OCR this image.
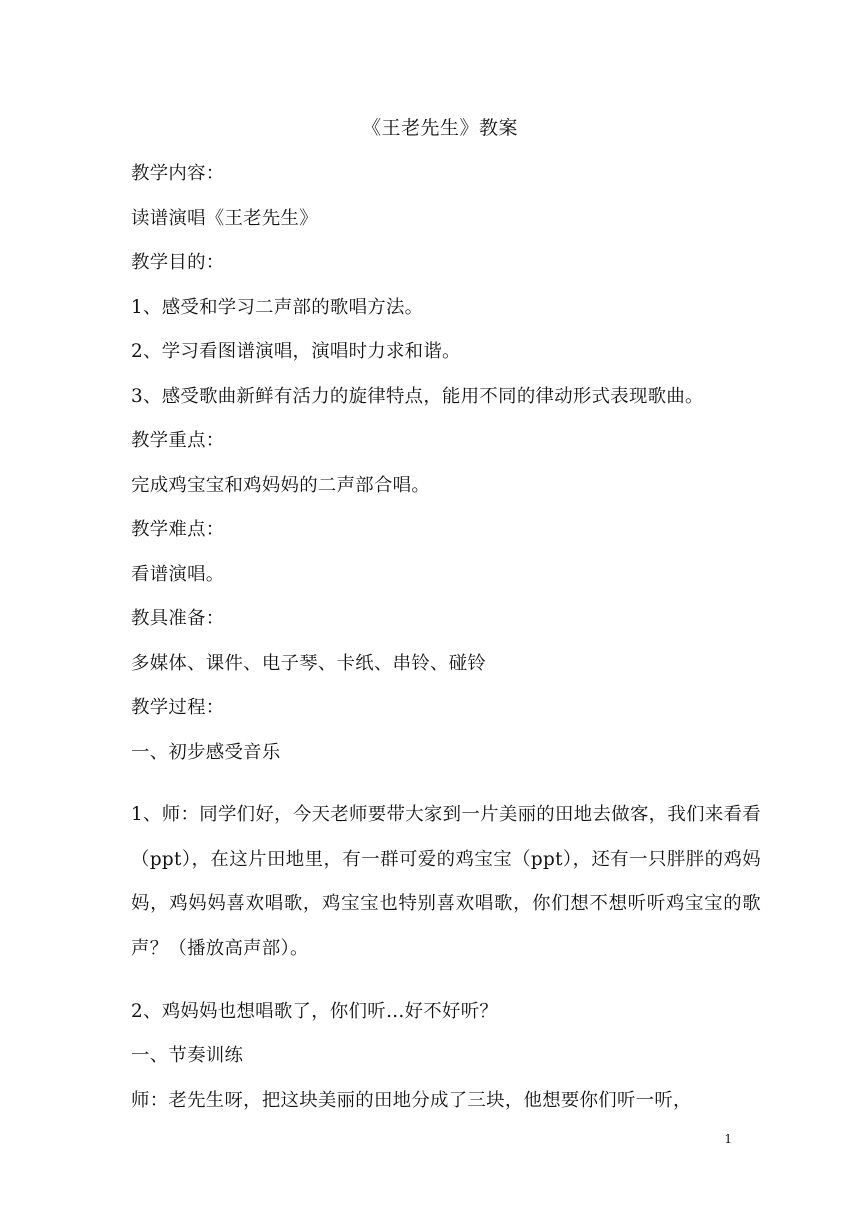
《王老先生》教案

教学内容：

读谱演唱《王老先生》

教学目的：

1、感受和学习二声部的歌唱方法。

2、学习看图谱演唱，演唱时力求和谐。

3、感受歌曲新鲜有活力的旋律特点，能用不同的律动形式表现歌曲。

教学重点：

完成鸡宝宝和鸡妈妈的二声部合唱。

教学难点：

看谱演唱。

教具准备：

多媒体、课件、电子琴、卡纸、串铃、碰铃

教学过程：

一、初步感受音乐

1、师：同学们好，今天老师要带大家到一片美丽的田地去做客，我们来看看（ppt），在这片田地里，有一群可爱的鸡宝宝（ppt），还有一只胖胖的鸡妈妈，鸡妈妈喜欢唱歌，鸡宝宝也特别喜欢唱歌，你们想不想听听鸡宝宝的歌声？（播放高声部）。

2、鸡妈妈也想唱歌了，你们听…好不好听？

一、节奏训练

师：老先生呀，把这块美丽的田地分成了三块，他想要你们听一听，

1
